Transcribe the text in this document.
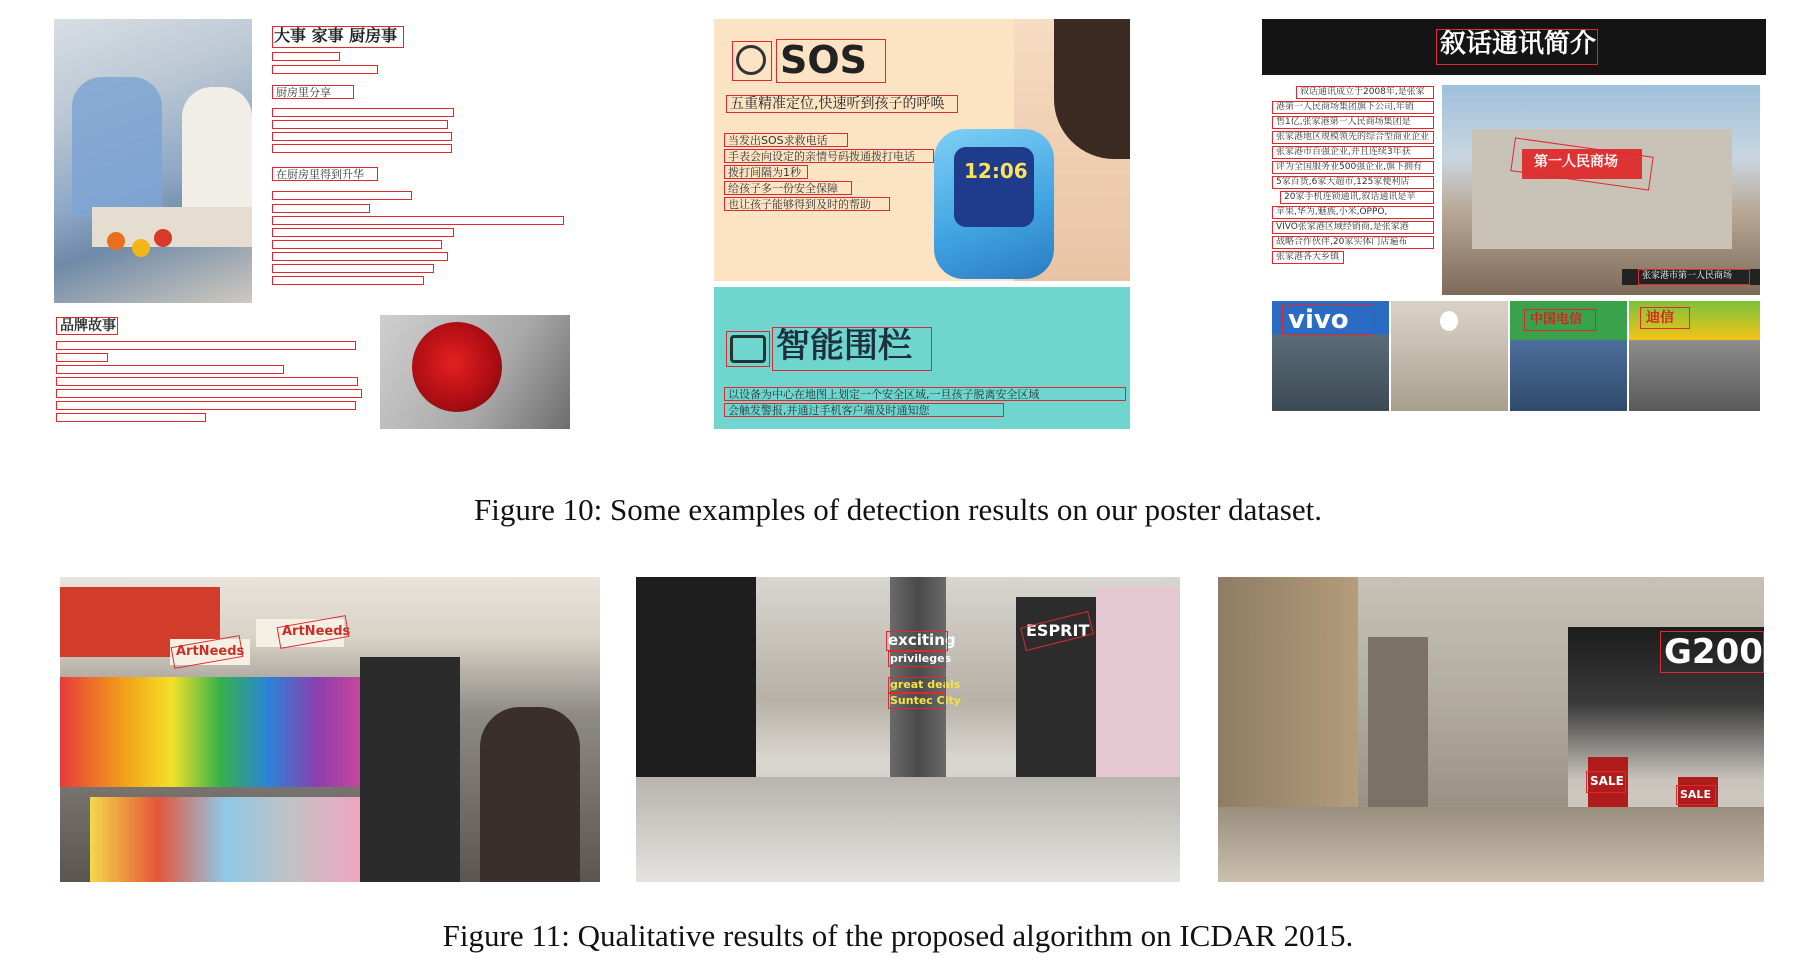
大事 家事 厨房事
厨房里分享
在厨房里得到升华
品牌故事
SOS
五重精准定位,快速听到孩子的呼唤
当发出SOS求救电话
手表会向设定的亲情号码拨通拨打电话
拨打间隔为1秒
给孩子多一份安全保障
也让孩子能够得到及时的帮助
12:06
智能围栏
以设备为中心在地图上划定一个安全区域,一旦孩子脱离安全区域
会触发警报,并通过手机客户端及时通知您
叙话通讯简介
叙话通讯成立于2008年,是张家
港第一人民商场集团旗下公司,年销
售1亿,张家港第一人民商场集团是
张家港地区规模领先的综合型商业企业
张家港市百强企业,并且连续3年获
评为全国服务业500强企业,旗下拥有
5家百货,6家大超市,125家便利店
20家手机连锁通讯,叙话通讯是苹
苹果,华为,魅族,小米,OPPO,
VIVO张家港区域经销商,是张家港
战略合作伙伴,20家实体门店遍布
张家港各大乡镇
第一人民商场
张家港市第一人民商场
vivo	中国电信	迪信
Figure 10: Some examples of detection results on our poster dataset.
ArtNeeds
ArtNeeds	exciting
privileges
great deals
Suntec City
ESPRIT
G2000
SALE
SALE
Figure 11: Qualitative results of the proposed algorithm on ICDAR 2015.
